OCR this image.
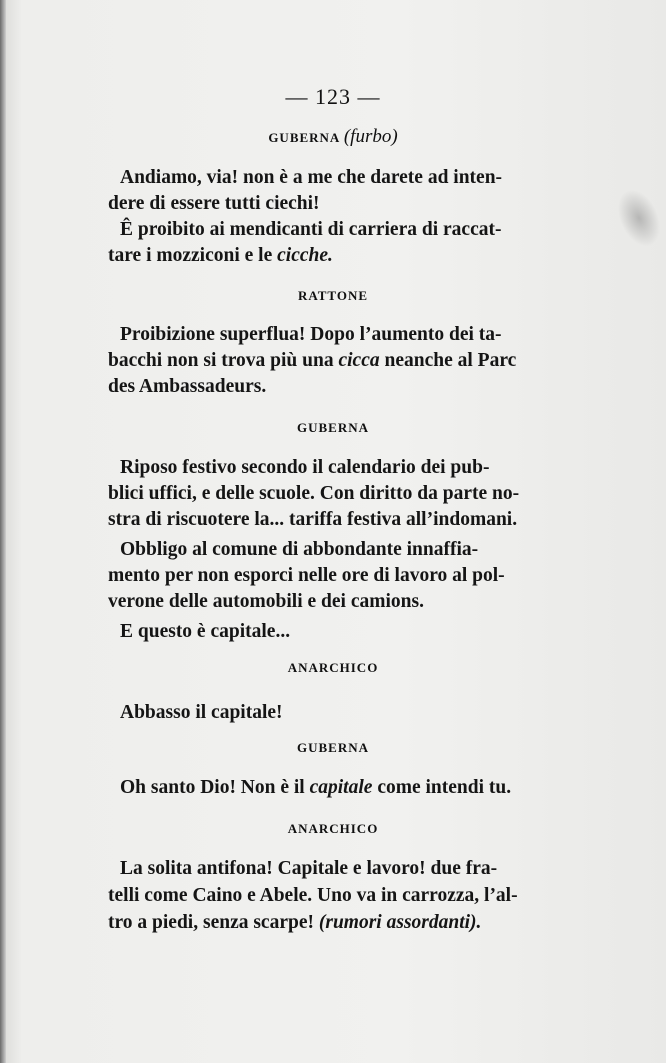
— 123 —
GUBERNA (furbo)
Andiamo, via! non è a me che darete ad inten-
dere di essere tutti ciechi!
Ê proibito ai mendicanti di carriera di raccat-
tare i mozziconi e le cicche.
RATTONE
Proibizione superflua! Dopo l’aumento dei ta-
bacchi non si trova più una cicca neanche al Parc
des Ambassadeurs.
GUBERNA
Riposo festivo secondo il calendario dei pub-
blici uffici, e delle scuole. Con diritto da parte no-
stra di riscuotere la... tariffa festiva all’indomani.
Obbligo al comune di abbondante innaffia-
mento per non esporci nelle ore di lavoro al pol-
verone delle automobili e dei camions.
E questo è capitale...
ANARCHICO
Abbasso il capitale!
GUBERNA
Oh santo Dio! Non è il capitale come intendi tu.
ANARCHICO
La solita antifona! Capitale e lavoro! due fra-
telli come Caino e Abele. Uno va in carrozza, l’al-
tro a piedi, senza scarpe! (rumori assordanti).
